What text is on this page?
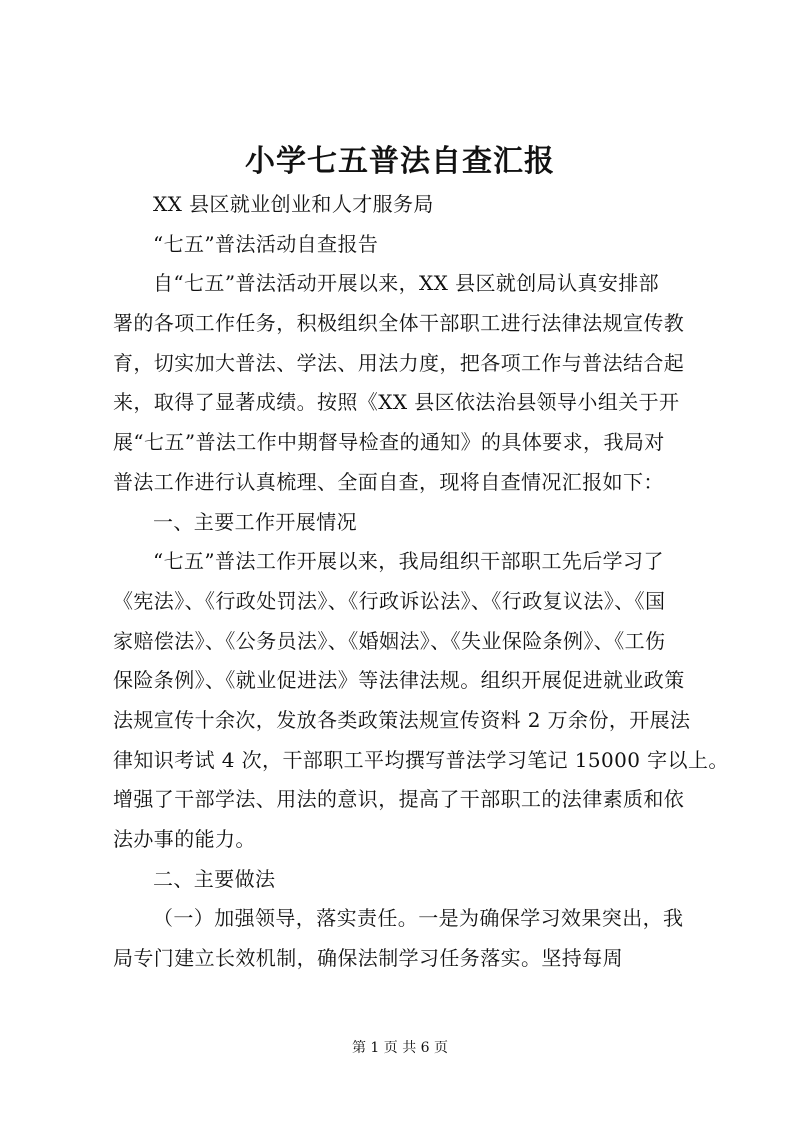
小学七五普法自查汇报
XX 县区就业创业和人才服务局
“七五”普法活动自查报告
自“七五”普法活动开展以来，XX 县区就创局认真安排部
署的各项工作任务，积极组织全体干部职工进行法律法规宣传教
育，切实加大普法、学法、用法力度，把各项工作与普法结合起
来，取得了显著成绩。按照《XX 县区依法治县领导小组关于开
展“七五”普法工作中期督导检查的通知》的具体要求，我局对
普法工作进行认真梳理、全面自查，现将自查情况汇报如下：
一、主要工作开展情况
“七五”普法工作开展以来，我局组织干部职工先后学习了
《宪法》、《行政处罚法》、《行政诉讼法》、《行政复议法》、《国
家赔偿法》、《公务员法》、《婚姻法》、《失业保险条例》、《工伤
保险条例》、《就业促进法》等法律法规。组织开展促进就业政策
法规宣传十余次，发放各类政策法规宣传资料 2 万余份，开展法
律知识考试 4 次，干部职工平均撰写普法学习笔记 15000 字以上。
增强了干部学法、用法的意识，提高了干部职工的法律素质和依
法办事的能力。
二、主要做法
（一）加强领导，落实责任。一是为确保学习效果突出，我
局专门建立长效机制，确保法制学习任务落实。坚持每周
第 1 页 共 6 页
